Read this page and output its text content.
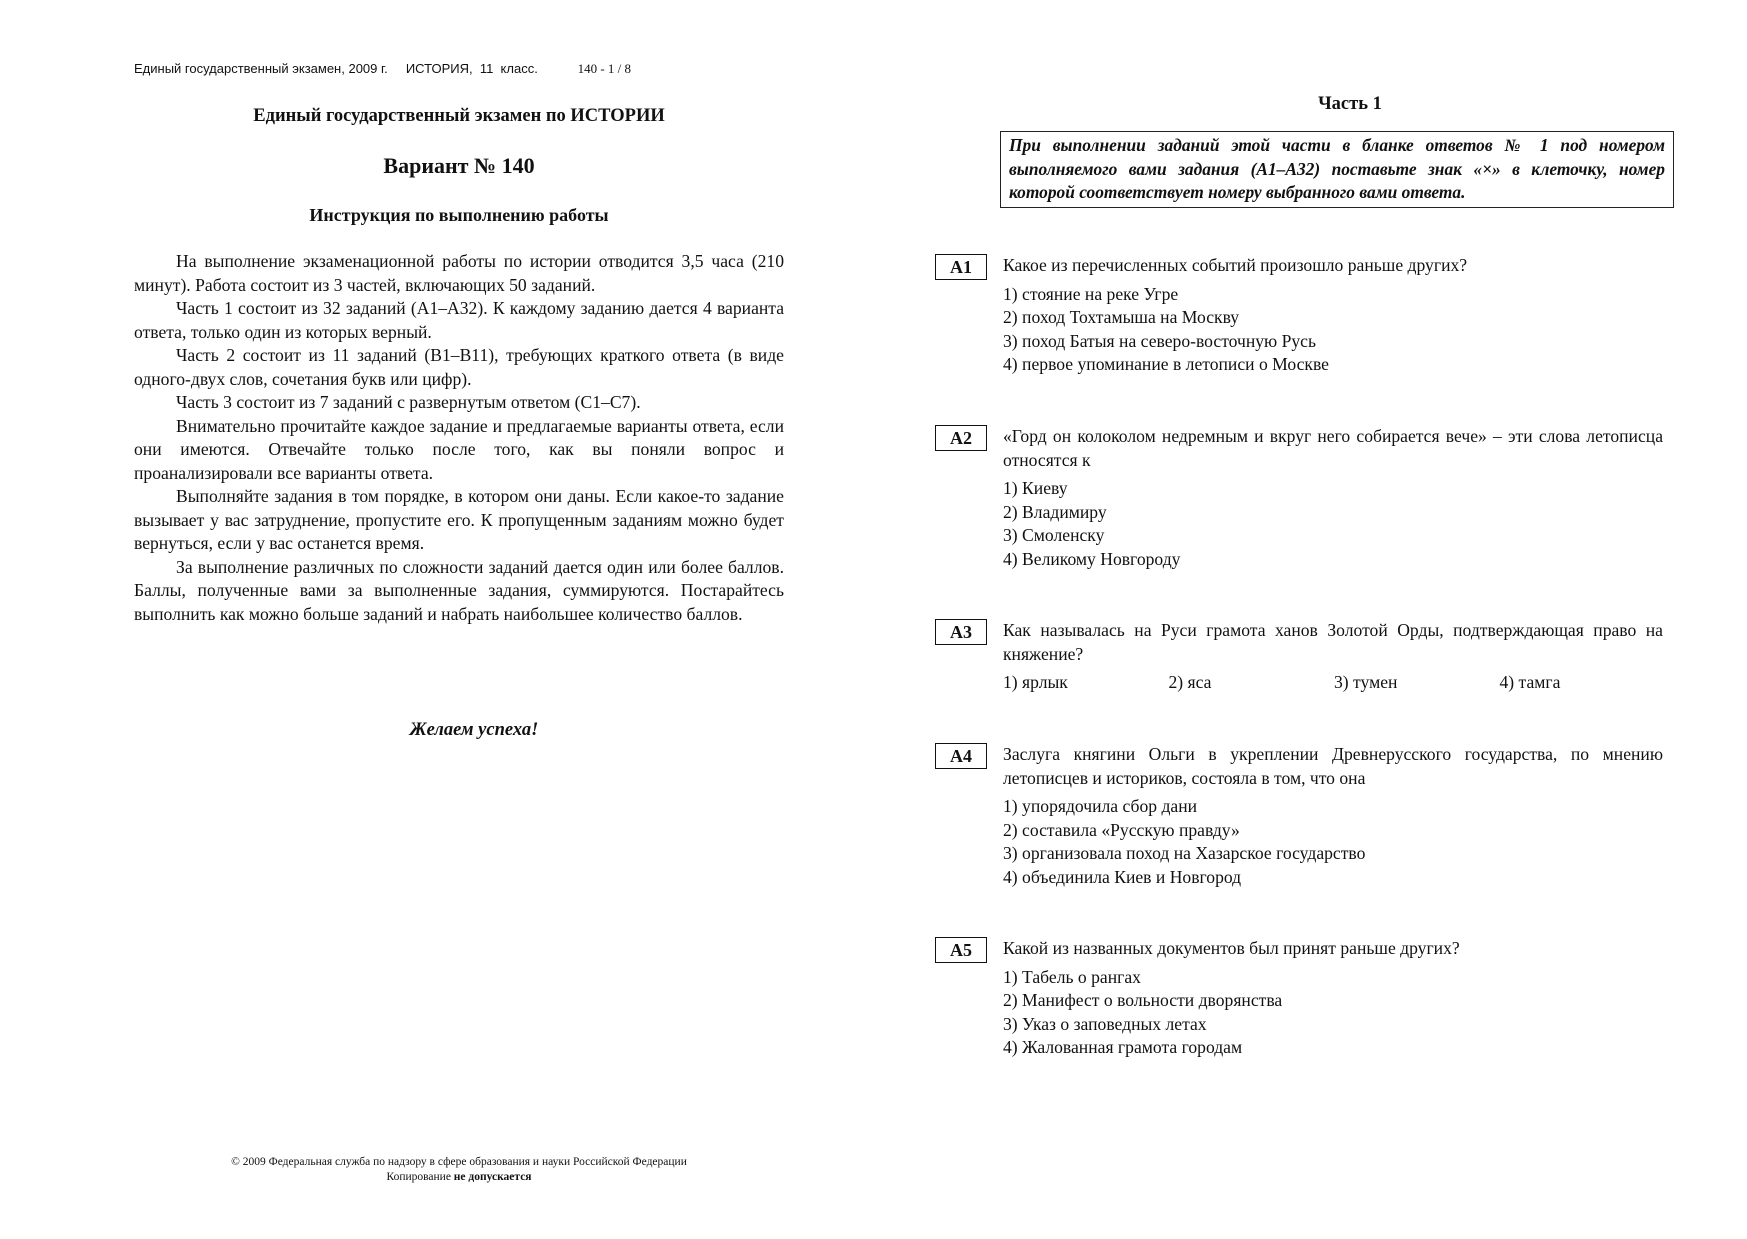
Единый государственный экзамен, 2009 г. ИСТОРИЯ,  11  класс.	140 - 1 / 8
Единый государственный экзамен по ИСТОРИИ
Вариант № 140
Инструкция по выполнению работы

На выполнение экзаменационной работы по истории отводится 3,5 часа (210 минут). Работа состоит из 3 частей, включающих 50 заданий.

Часть 1 состоит из 32 заданий (А1–А32). К каждому заданию дается 4 варианта ответа, только один из которых верный.

Часть 2 состоит из 11 заданий (В1–В11), требующих краткого ответа (в виде одного-двух слов, сочетания букв или цифр).

Часть 3 состоит из 7 заданий с развернутым ответом (С1–С7).

Внимательно прочитайте каждое задание и предлагаемые варианты ответа, если они имеются. Отвечайте только после того, как вы поняли вопрос и проанализировали все варианты ответа.

Выполняйте задания в том порядке, в котором они даны. Если какое-то задание вызывает у вас затруднение, пропустите его. К пропущенным заданиям можно будет вернуться, если у вас останется время.

За выполнение различных по сложности заданий дается один или более баллов. Баллы, полученные вами за выполненные задания, суммируются. Постарайтесь выполнить как можно больше заданий и набрать наибольшее количество баллов.

Желаем успеха!
© 2009 Федеральная служба по надзору в сфере образования и науки Российской Федерации
Копирование не допускается
Часть 1
При выполнении заданий этой части в бланке ответов № 1 под номером выполняемого вами задания (А1–А32) поставьте знак «×» в клеточку, номер которой соответствует номеру выбранного вами ответа.
А1	Какое из перечисленных событий произошло раньше других?
1) стояние на реке Угре
2) поход Тохтамыша на Москву
3) поход Батыя на северо-восточную Русь
4) первое упоминание в летописи о Москве
А2	«Горд он колоколом недремным и вкруг него собирается вече» – эти слова летописца относятся к
1) Киеву
2) Владимиру
3) Смоленску
4) Великому Новгороду
А3	Как называлась на Руси грамота ханов Золотой Орды, подтверждающая право на княжение?
1) ярлык	2) яса	3) тумен	4) тамга
А4	Заслуга княгини Ольги в укреплении Древнерусского государства, по мнению летописцев и историков, состояла в том, что она
1) упорядочила сбор дани
2) составила «Русскую правду»
3) организовала поход на Хазарское государство
4) объединила Киев и Новгород
А5	Какой из названных документов был принят раньше других?
1) Табель о рангах
2) Манифест о вольности дворянства
3) Указ о заповедных летах
4) Жалованная грамота городам
